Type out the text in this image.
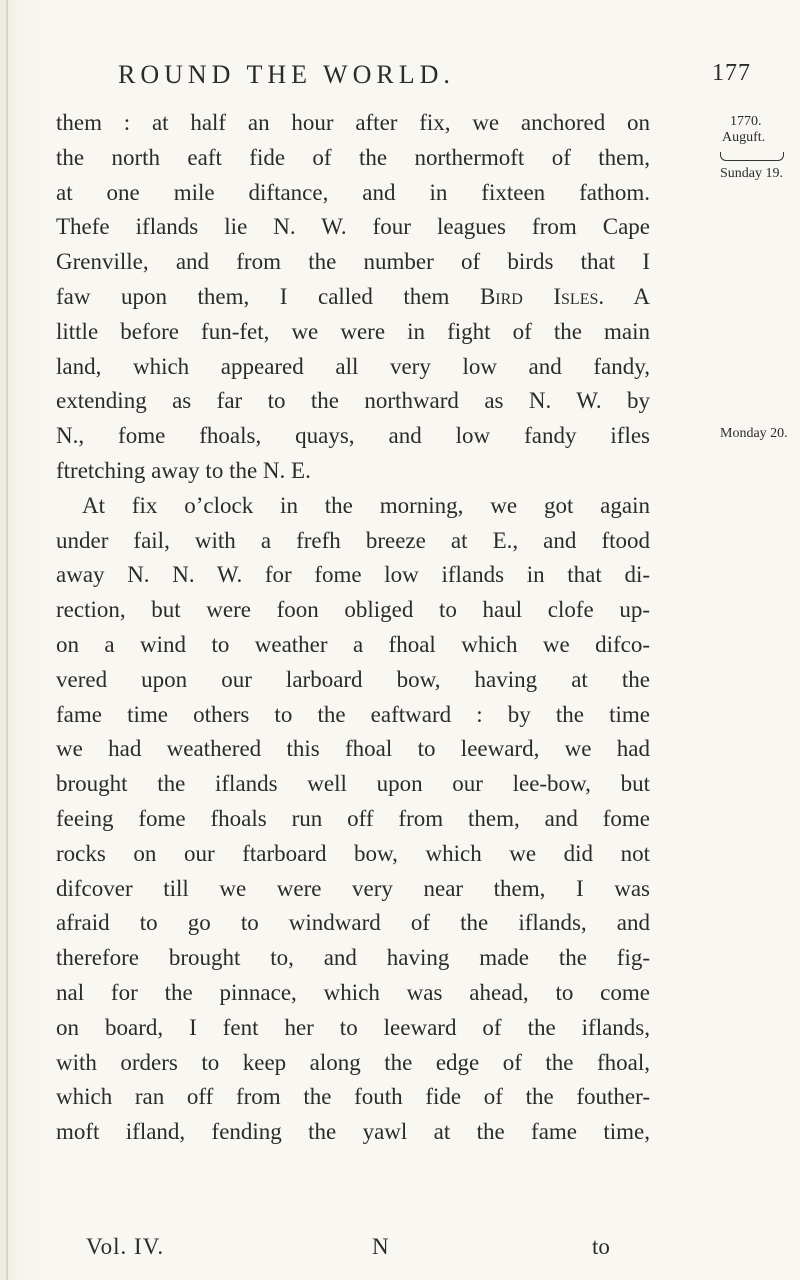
ROUND THE WORLD.	177
them : at half an hour after fix, we anchored on
the north eaft fide of the northermoft of them,
at one mile diftance, and in fixteen fathom.
Thefe iflands lie N. W. four leagues from Cape
Grenville, and from the number of birds that I
faw upon them, I called them Bird Isles. A
little before fun-fet, we were in fight of the main
land, which appeared all very low and fandy,
extending as far to the northward as N. W. by
N., fome fhoals, quays, and low fandy ifles
ftretching away to the N. E.
At fix o’clock in the morning, we got again
under fail, with a frefh breeze at E., and ftood
away N. N. W. for fome low iflands in that di-
rection, but were foon obliged to haul clofe up-
on a wind to weather a fhoal which we difco-
vered upon our larboard bow, having at the
fame time others to the eaftward : by the time
we had weathered this fhoal to leeward, we had
brought the iflands well upon our lee-bow, but
feeing fome fhoals run off from them, and fome
rocks on our ftarboard bow, which we did not
difcover till we were very near them, I was
afraid to go to windward of the iflands, and
therefore brought to, and having made the fig-
nal for the pinnace, which was ahead, to come
on board, I fent her to leeward of the iflands,
with orders to keep along the edge of the fhoal,
which ran off from the fouth fide of the fouther-
moft ifland, fending the yawl at the fame time,
1770.
Auguft.
Sunday 19.
Monday 20.
Vol. IV.	N	to
